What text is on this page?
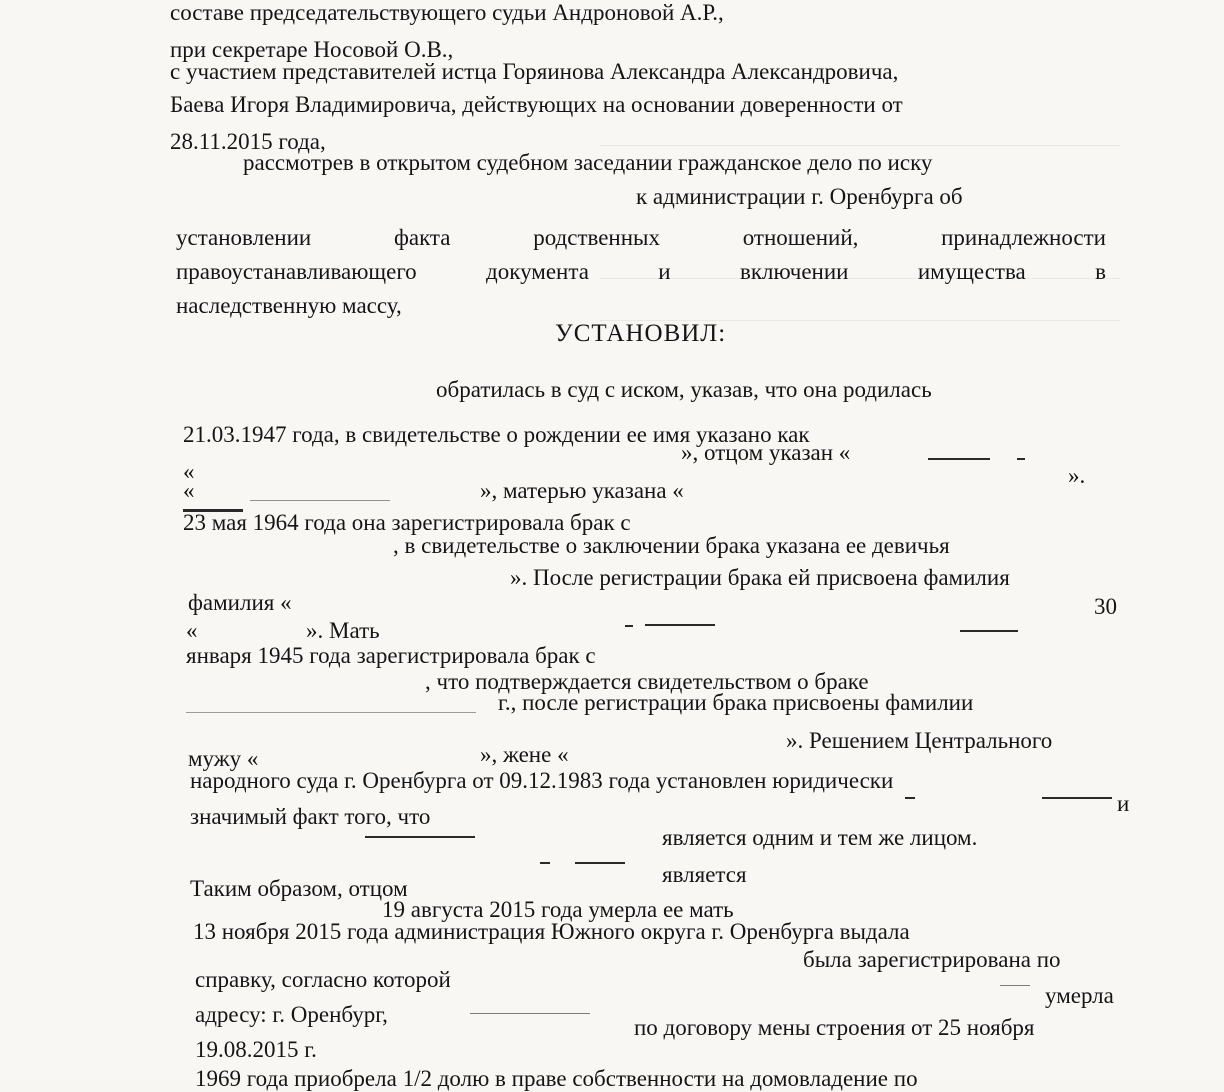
составе председательствующего судьи Андроновой А.Р.,
при секретаре Носовой О.В.,
с участием представителей истца Горяинова Александра Александровича,
Баева Игоря Владимировича, действующих на основании доверенности от
28.11.2015 года,
рассмотрев в открытом судебном заседании гражданское дело по иску
к администрации г. Оренбурга об
установлении	факта	родственных	отношений,	принадлежности
правоустанавливающего	документа	и	включении	имущества	в
наследственную массу,
УСТАНОВИЛ:
обратилась в суд с иском, указав, что она родилась
21.03.1947 года, в свидетельстве о рождении ее имя указано как
«
», отцом указан «
».
«	», матерью указана «
23 мая 1964 года она зарегистрировала брак с
, в свидетельстве о заключении брака указана ее девичья
фамилия «
». После регистрации брака ей присвоена фамилия
«	». Мать
30
января 1945 года зарегистрировала брак с
, что подтверждается свидетельством о браке
г., после регистрации брака присвоены фамилии
мужу «	», жене «
». Решением Центрального
народного суда г. Оренбурга от 09.12.1983 года установлен юридически
значимый факт того, что
и
является одним и тем же лицом.
Таким образом, отцом
является
19 августа 2015 года умерла ее мать
13 ноября 2015 года администрация Южного округа г. Оренбурга выдала
справку, согласно которой
была зарегистрирована по
умерла
адресу: г. Оренбург,
по договору мены строения от 25 ноября
19.08.2015 г.
1969 года приобрела 1/2 долю в праве собственности на домовладение по
